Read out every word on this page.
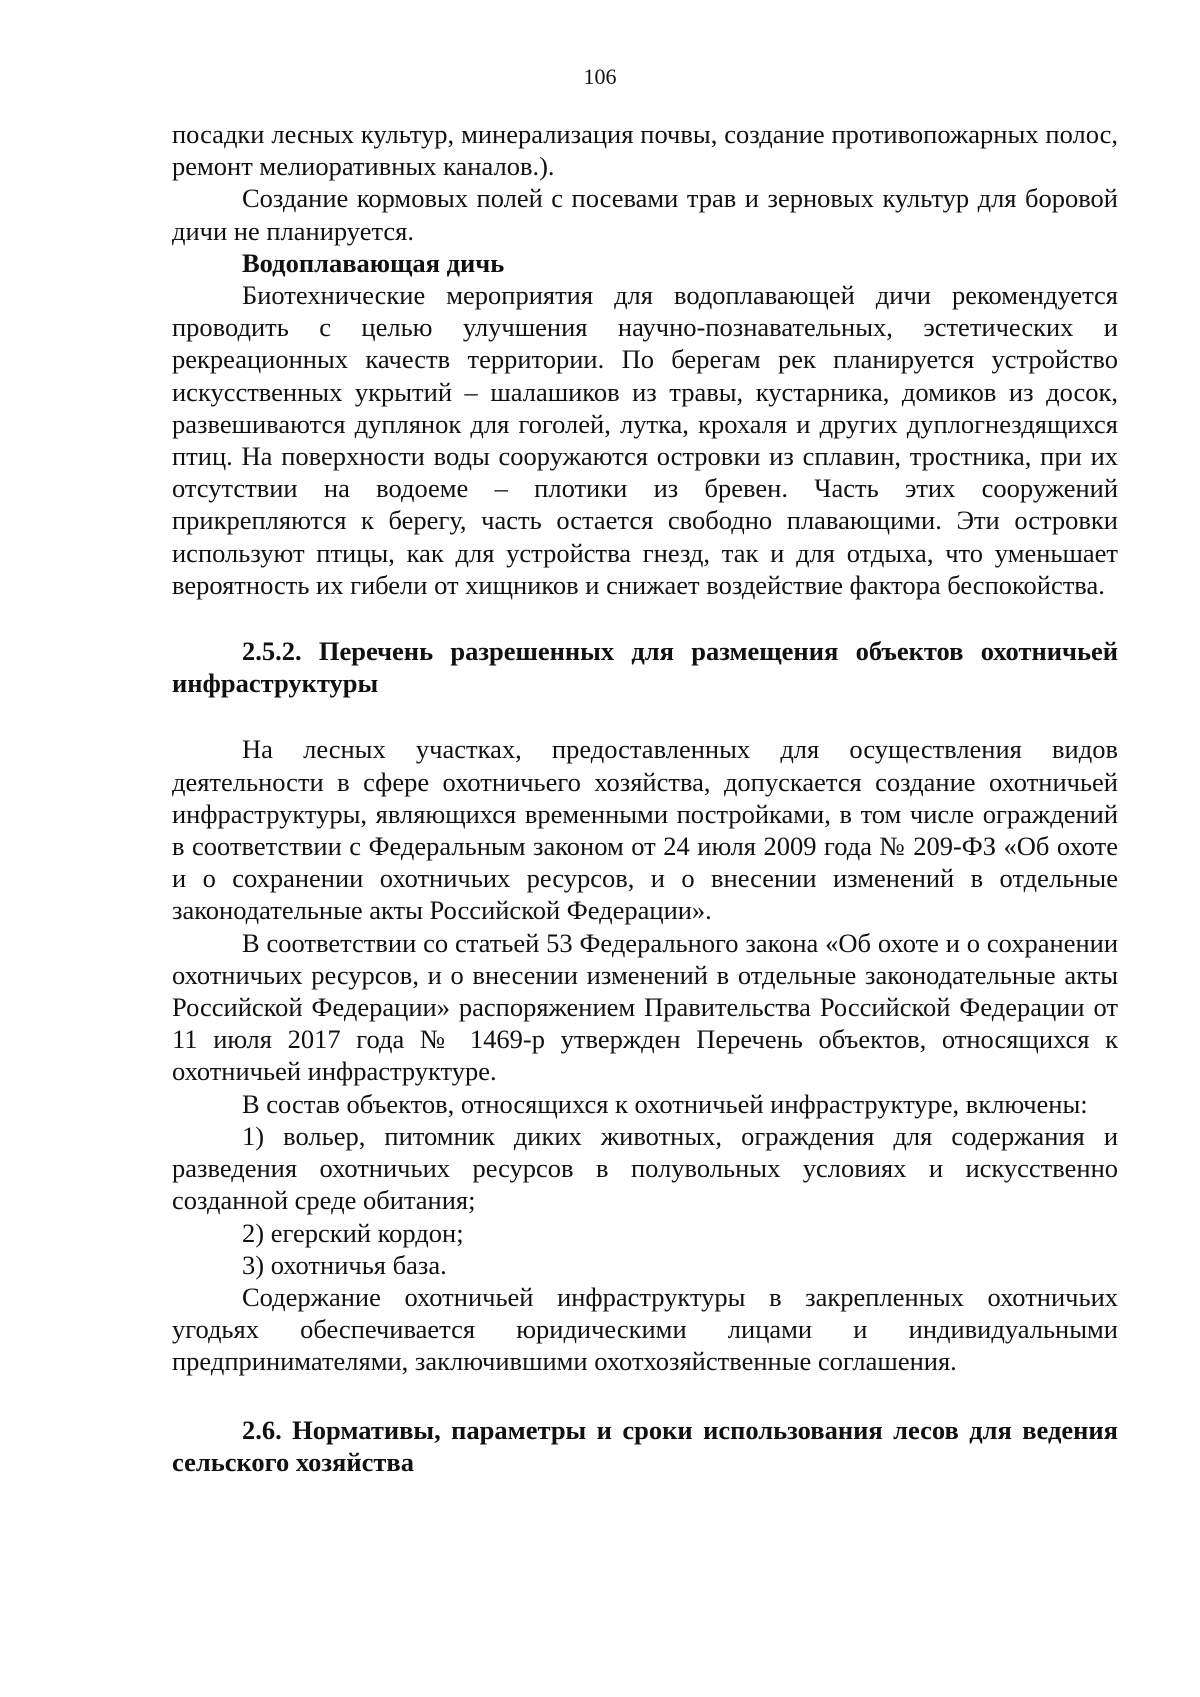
106

посадки лесных культур, минерализация почвы, создание противопожарных полос, ремонт мелиоративных каналов.).

Создание кормовых полей с посевами трав и зерновых культур для боровой дичи не планируется.

Водоплавающая дичь

Биотехнические мероприятия для водоплавающей дичи рекомендуется проводить с целью улучшения научно-познавательных, эстетических и рекреационных качеств территории. По берегам рек планируется устройство искусственных укрытий – шалашиков из травы, кустарника, домиков из досок, развешиваются дуплянок для гоголей, лутка, крохаля и других дуплогнездящихся птиц. На поверхности воды сооружаются островки из сплавин, тростника, при их отсутствии на водоеме – плотики из бревен. Часть этих сооружений прикрепляются к берегу, часть остается свободно плавающими. Эти островки используют птицы, как для устройства гнезд, так и для отдыха, что уменьшает вероятность их гибели от хищников и снижает воздействие фактора беспокойства.

2.5.2. Перечень разрешенных для размещения объектов охотничьей инфраструктуры

На лесных участках, предоставленных для осуществления видов деятельности в сфере охотничьего хозяйства, допускается создание охотничьей инфраструктуры, являющихся временными постройками, в том числе ограждений в соответствии с Федеральным законом от 24 июля 2009 года № 209-ФЗ «Об охоте и о сохранении охотничьих ресурсов, и о внесении изменений в отдельные законодательные акты Российской Федерации».

В соответствии со статьей 53 Федерального закона «Об охоте и о сохранении охотничьих ресурсов, и о внесении изменений в отдельные законодательные акты Российской Федерации» распоряжением Правительства Российской Федерации от 11 июля 2017 года № 1469-р утвержден Перечень объектов, относящихся к охотничьей инфраструктуре.

В состав объектов, относящихся к охотничьей инфраструктуре, включены:

1) вольер, питомник диких животных, ограждения для содержания и разведения охотничьих ресурсов в полувольных условиях и искусственно созданной среде обитания;

2) егерский кордон;

3) охотничья база.

Содержание охотничьей инфраструктуры в закрепленных охотничьих угодьях обеспечивается юридическими лицами и индивидуальными предпринимателями, заключившими охотхозяйственные соглашения.

2.6. Нормативы, параметры и сроки использования лесов для ведения сельского хозяйства
